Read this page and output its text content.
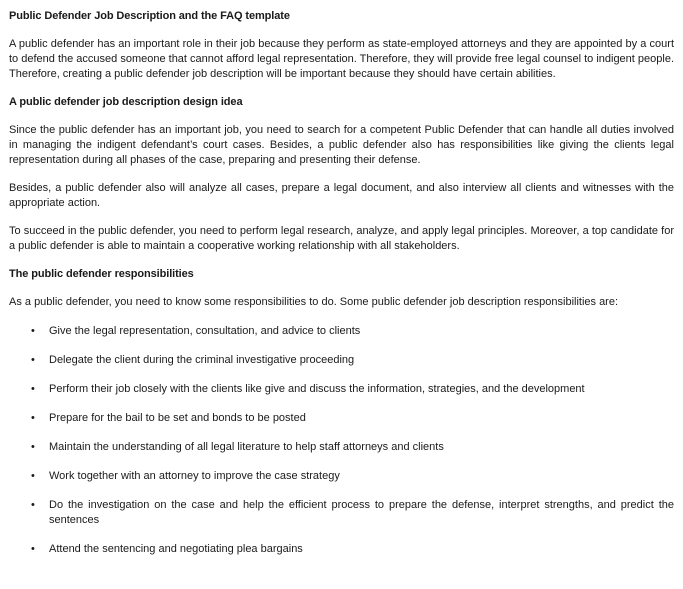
Public Defender Job Description and the FAQ template

A public defender has an important role in their job because they perform as state-employed attorneys and they are appointed by a court to defend the accused someone that cannot afford legal representation. Therefore, they will provide free legal counsel to indigent people. Therefore, creating a public defender job description will be important because they should have certain abilities.

A public defender job description design idea

Since the public defender has an important job, you need to search for a competent Public Defender that can handle all duties involved in managing the indigent defendant’s court cases. Besides, a public defender also has responsibilities like giving the clients legal representation during all phases of the case, preparing and presenting their defense.

Besides, a public defender also will analyze all cases, prepare a legal document, and also interview all clients and witnesses with the appropriate action.

To succeed in the public defender, you need to perform legal research, analyze, and apply legal principles. Moreover, a top candidate for a public defender is able to maintain a cooperative working relationship with all stakeholders.

The public defender responsibilities

As a public defender, you need to know some responsibilities to do. Some public defender job description responsibilities are:

• Give the legal representation, consultation, and advice to clients
• Delegate the client during the criminal investigative proceeding
• Perform their job closely with the clients like give and discuss the information, strategies, and the development
• Prepare for the bail to be set and bonds to be posted
• Maintain the understanding of all legal literature to help staff attorneys and clients
• Work together with an attorney to improve the case strategy
• Do the investigation on the case and help the efficient process to prepare the defense, interpret strengths, and predict the sentences
• Attend the sentencing and negotiating plea bargains
